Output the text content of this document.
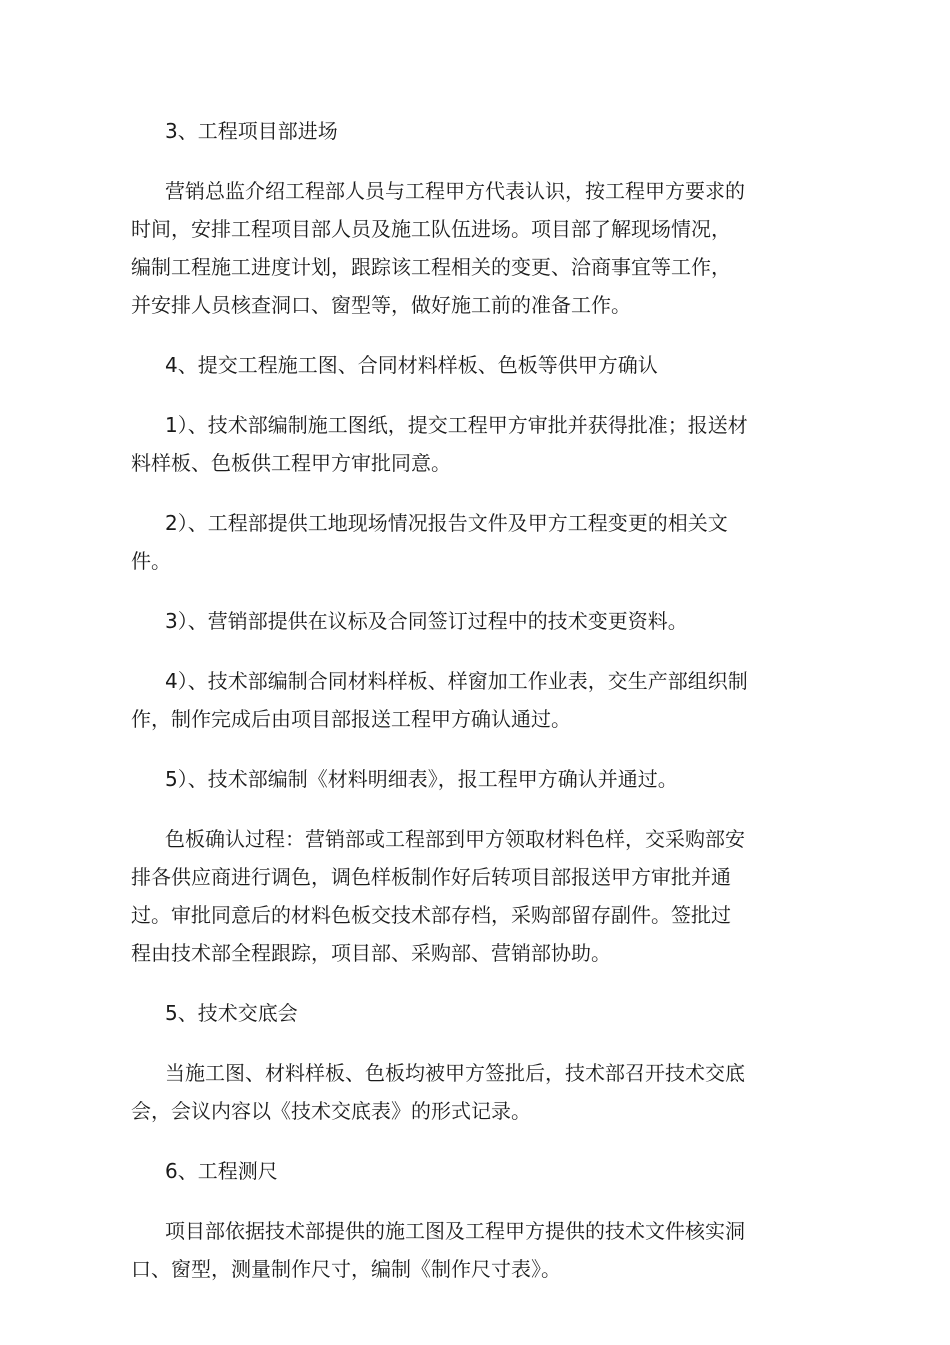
3、工程项目部进场
营销总监介绍工程部人员与工程甲方代表认识，按工程甲方要求的
时间，安排工程项目部人员及施工队伍进场。项目部了解现场情况，
编制工程施工进度计划，跟踪该工程相关的变更、洽商事宜等工作，
并安排人员核查洞口、窗型等，做好施工前的准备工作。
4、提交工程施工图、合同材料样板、色板等供甲方确认
1）、技术部编制施工图纸，提交工程甲方审批并获得批准；报送材
料样板、色板供工程甲方审批同意。
2）、工程部提供工地现场情况报告文件及甲方工程变更的相关文
件。
3）、营销部提供在议标及合同签订过程中的技术变更资料。
4）、技术部编制合同材料样板、样窗加工作业表，交生产部组织制
作，制作完成后由项目部报送工程甲方确认通过。
5）、技术部编制《材料明细表》，报工程甲方确认并通过。
色板确认过程：营销部或工程部到甲方领取材料色样，交采购部安
排各供应商进行调色，调色样板制作好后转项目部报送甲方审批并通
过。审批同意后的材料色板交技术部存档，采购部留存副件。签批过
程由技术部全程跟踪，项目部、采购部、营销部协助。
5、技术交底会
当施工图、材料样板、色板均被甲方签批后，技术部召开技术交底
会，会议内容以《技术交底表》的形式记录。
6、工程测尺
项目部依据技术部提供的施工图及工程甲方提供的技术文件核实洞
口、窗型，测量制作尺寸，编制《制作尺寸表》。
